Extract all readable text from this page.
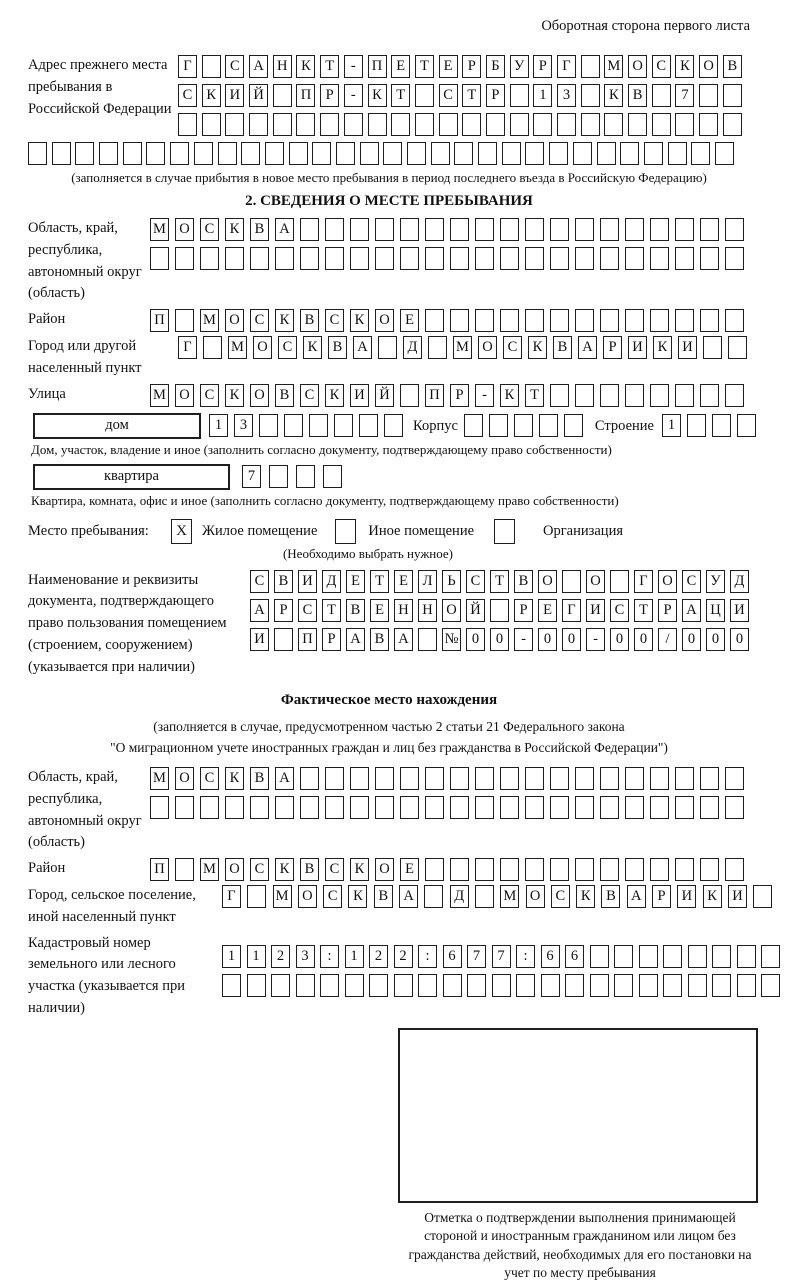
Оборотная сторона первого листа
Адрес прежнего места пребывания в Российской Федерации
Г	С А Н К Т	-	П Е	Т	Е	Р	Б У	Р	Г	М О С К О В
С К И Й	П Р	-	К Т	С Т	Р	1	3	К В	7
(заполняется в случае прибытия в новое место пребывания в период последнего въезда в Российскую Федерацию)
2. СВЕДЕНИЯ О МЕСТЕ ПРЕБЫВАНИЯ
Область, край, республика, автономный округ (область)
М О	С	К	В	А
Район	П	М О	С	К	В	С	К	О	Е
Город или другой населенный пункт
Г	М О	С	К	В	А	Д	М О	С	К	В	А	Р	И	К	И
Улица	М О	С	К	О	В	С	К	И Й	П	Р	-	К	Т
дом	1	3	Корпус	Строение 1
Дом, участок, владение и иное (заполнить согласно документу, подтверждающему право собственности)
квартира	7
Квартира, комната, офис и иное (заполнить согласно документу, подтверждающему право собственности)
Место пребывания:	X	Жилое помещение	Иное помещение	Организация
(Необходимо выбрать нужное)
Наименование и реквизиты документа, подтверждающего право пользования помещением (строением, сооружением) (указывается при наличии)
С В И Д	Е	Т	Е	Л	Ь	С	Т	В О	О	Г	О С У Д
А	Р	С	Т	В	Е Н Н О Й	Р	Е	Г	И С	Т	Р	А Ц И
И	П	Р	А В А № 0	0	-	0	0	-	0	0	/	0	0	0
Фактическое место нахождения
(заполняется в случае, предусмотренном частью 2 статьи 21 Федерального закона
"О миграционном учете иностранных граждан и лиц без гражданства в Российской Федерации")
Область, край, республика, автономный округ (область)
М О	С	К	В	А
Район	П	М О	С	К	В	С	К	О	Е
Город, сельское поселение, иной населенный пункт
Г	М О	С	К	В	А	Д	М О	С	К	В	А	Р	И	К	И
Кадастровый номер земельного или лесного участка (указывается при наличии)
1	1	2	3	:	1	2	2	:	6	7	7	:	6	6
Отметка о подтверждении выполнения принимающей стороной и иностранным гражданином или лицом без гражданства действий, необходимых для его постановки на учет по месту пребывания
